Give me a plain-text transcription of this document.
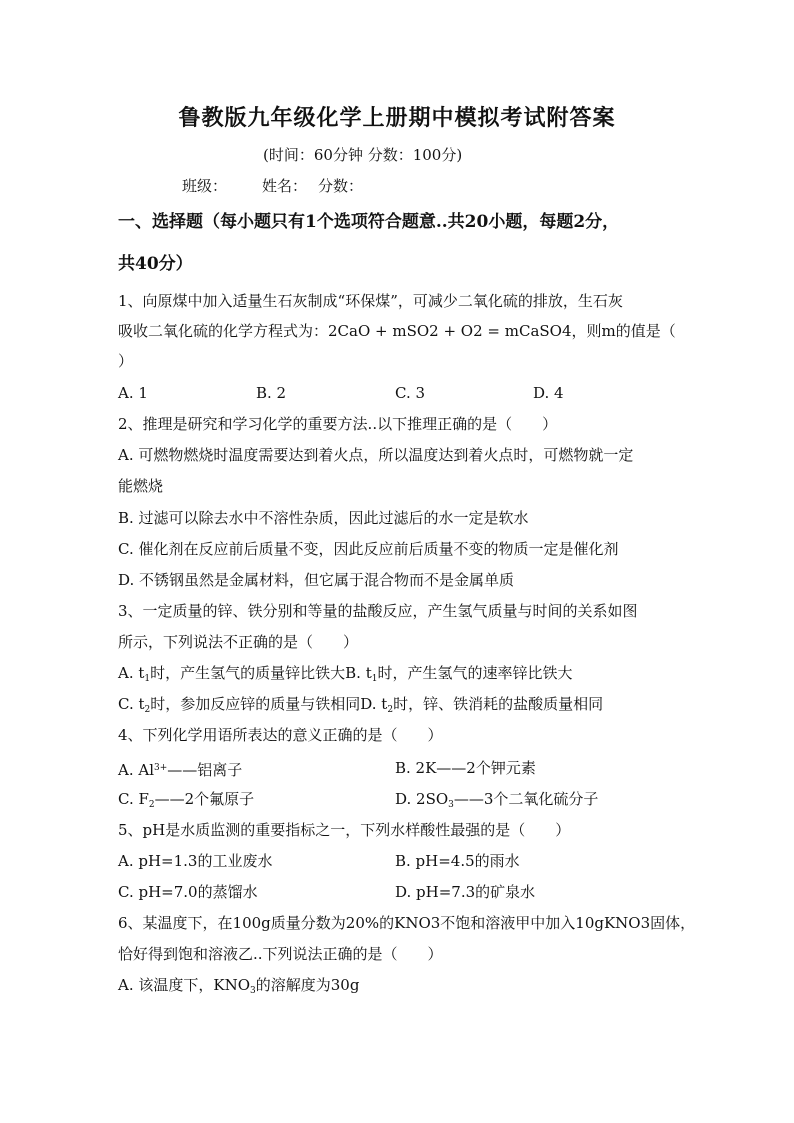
鲁教版九年级化学上册期中模拟考试附答案
(时间：60分钟 分数：100分)
班级： 姓名： 分数：
一、选择题（每小题只有1个选项符合题意..共20小题，每题2分，
共40分）
1、向原煤中加入适量生石灰制成“环保煤”，可减少二氧化硫的排放，生石灰
吸收二氧化硫的化学方程式为：2CaO + mSO2 + O2 = mCaSO4，则m的值是（
）
A. 1	B. 2	C. 3	D. 4
2、推理是研究和学习化学的重要方法..以下推理正确的是（　　）
A. 可燃物燃烧时温度需要达到着火点，所以温度达到着火点时，可燃物就一定
能燃烧
B. 过滤可以除去水中不溶性杂质，因此过滤后的水一定是软水
C. 催化剂在反应前后质量不变，因此反应前后质量不变的物质一定是催化剂
D. 不锈钢虽然是金属材料，但它属于混合物而不是金属单质
3、一定质量的锌、铁分别和等量的盐酸反应，产生氢气质量与时间的关系如图
所示，下列说法不正确的是（　　）
A. $t_1$时，产生氢气的质量锌比铁大B. $t_1$时，产生氢气的速率锌比铁大
C. $t_2$时，参加反应锌的质量与铁相同D. $t_2$时，锌、铁消耗的盐酸质量相同
4、下列化学用语所表达的意义正确的是（　　）
A. $Al^{3+}——$铝离子	B. 2K——2个钾元素
C. $F_2——2$个氟原子	D. $2SO_3——3$个二氧化硫分子
5、pH是水质监测的重要指标之一，下列水样酸性最强的是（　　）
A. pH=1.3的工业废水	B. pH=4.5的雨水
C. pH=7.0的蒸馏水	D. pH=7.3的矿泉水
6、某温度下，在100g质量分数为20%的KNO3不饱和溶液甲中加入10gKNO3固体，
恰好得到饱和溶液乙..下列说法正确的是（　　）
A. 该温度下，$KNO_3$的溶解度为30g
